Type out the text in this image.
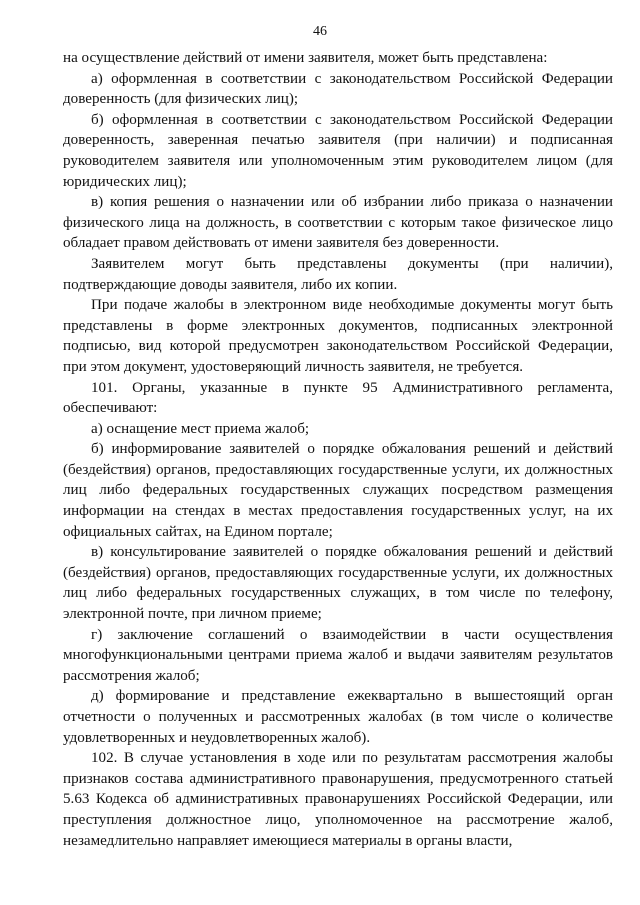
46

на осуществление действий от имени заявителя, может быть представлена:

а) оформленная в соответствии с законодательством Российской Федерации доверенность (для физических лиц);

б) оформленная в соответствии с законодательством Российской Федерации доверенность, заверенная печатью заявителя (при наличии) и подписанная руководителем заявителя или уполномоченным этим руководителем лицом (для юридических лиц);

в) копия решения о назначении или об избрании либо приказа о назначении физического лица на должность, в соответствии с которым такое физическое лицо обладает правом действовать от имени заявителя без доверенности.

Заявителем могут быть представлены документы (при наличии), подтверждающие доводы заявителя, либо их копии.

При подаче жалобы в электронном виде необходимые документы могут быть представлены в форме электронных документов, подписанных электронной подписью, вид которой предусмотрен законодательством Российской Федерации, при этом документ, удостоверяющий личность заявителя, не требуется.

101. Органы, указанные в пункте 95 Административного регламента, обеспечивают:

а) оснащение мест приема жалоб;

б) информирование заявителей о порядке обжалования решений и действий (бездействия) органов, предоставляющих государственные услуги, их должностных лиц либо федеральных государственных служащих посредством размещения информации на стендах в местах предоставления государственных услуг, на их официальных сайтах, на Едином портале;

в) консультирование заявителей о порядке обжалования решений и действий (бездействия) органов, предоставляющих государственные услуги, их должностных лиц либо федеральных государственных служащих, в том числе по телефону, электронной почте, при личном приеме;

г) заключение соглашений о взаимодействии в части осуществления многофункциональными центрами приема жалоб и выдачи заявителям результатов рассмотрения жалоб;

д) формирование и представление ежеквартально в вышестоящий орган отчетности о полученных и рассмотренных жалобах (в том числе о количестве удовлетворенных и неудовлетворенных жалоб).

102. В случае установления в ходе или по результатам рассмотрения жалобы признаков состава административного правонарушения, предусмотренного статьей 5.63 Кодекса об административных правонарушениях Российской Федерации, или преступления должностное лицо, уполномоченное на рассмотрение жалоб, незамедлительно направляет имеющиеся материалы в органы власти,
